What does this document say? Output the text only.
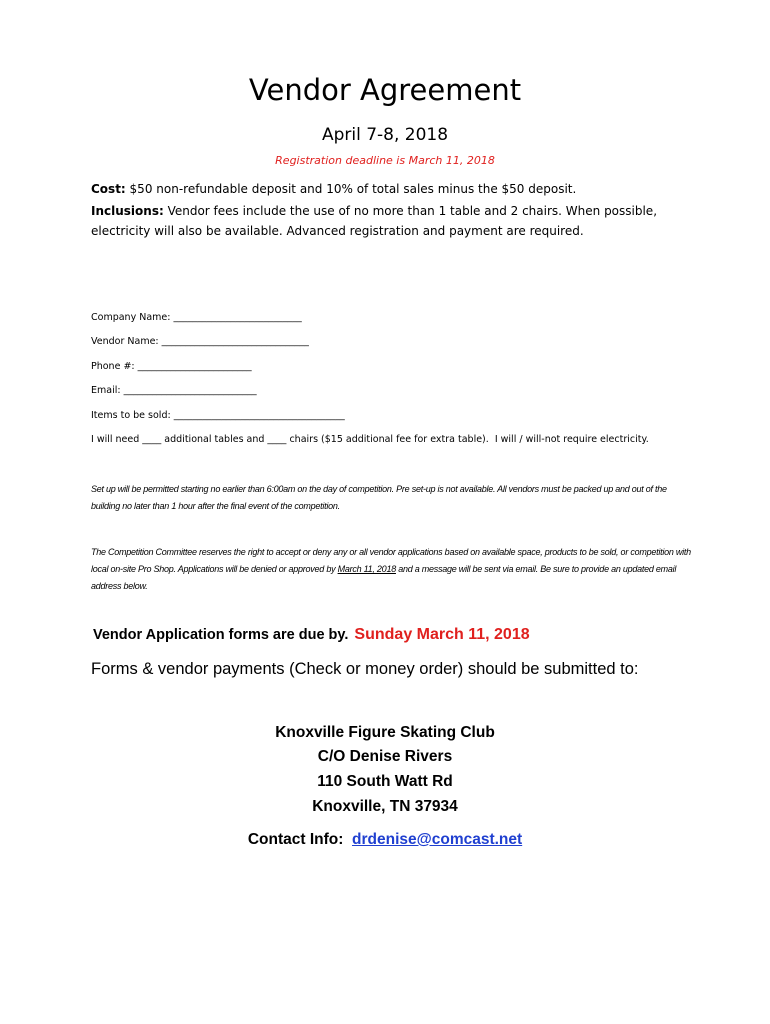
Vendor Agreement
April 7-8, 2018
Registration deadline is March 11, 2018
Cost: $50 non-refundable deposit and 10% of total sales minus the $50 deposit.
Inclusions: Vendor fees include the use of no more than 1 table and 2 chairs. When possible, electricity will also be available. Advanced registration and payment are required.
Company Name: ___________________________
Vendor Name: _______________________________
Phone #: ________________________
Email: ____________________________
Items to be sold: ____________________________________
I will need ____ additional tables and ____ chairs ($15 additional fee for extra table).  I will / will-not require electricity.
Set up will be permitted starting no earlier than 6:00am on the day of competition. Pre set-up is not available. All vendors must be packed up and out of the building no later than 1 hour after the final event of the competition.
The Competition Committee reserves the right to accept or deny any or all vendor applications based on available space, products to be sold, or competition with local on-site Pro Shop. Applications will be denied or approved by March 11, 2018 and a message will be sent via email. Be sure to provide an updated email address below.
Vendor Application forms are due by. Sunday March 11, 2018
Forms & vendor payments (Check or money order) should be submitted to:
Knoxville Figure Skating Club
C/O Denise Rivers
110 South Watt Rd
Knoxville, TN 37934
Contact Info: drdenise@comcast.net
